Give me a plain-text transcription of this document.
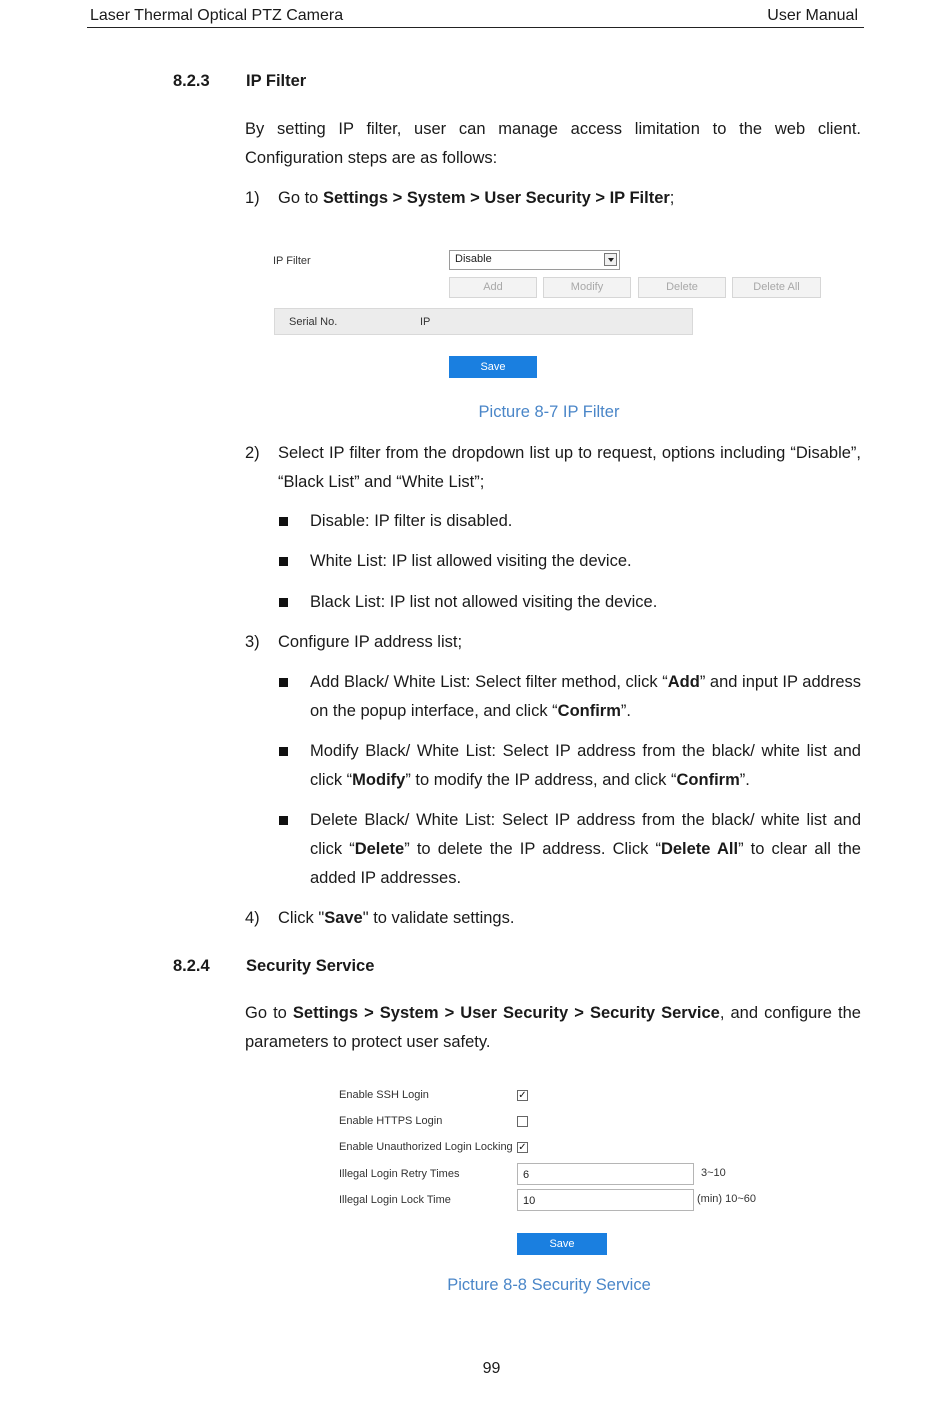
Laser Thermal Optical PTZ Camera	User Manual
8.2.3 IP Filter
By setting IP filter, user can manage access limitation to the web client. Configuration steps are as follows:
1) Go to Settings > System > User Security > IP Filter;
IP Filter	Disable
Add	Modify	Delete	Delete All
Serial No.	IP
Save
Picture 8-7 IP Filter
2) Select IP filter from the dropdown list up to request, options including “Disable”, “Black List” and “White List”;
Disable: IP filter is disabled.
White List: IP list allowed visiting the device.
Black List: IP list not allowed visiting the device.
3) Configure IP address list;
Add Black/ White List: Select filter method, click “Add” and input IP address on the popup interface, and click “Confirm”.
Modify Black/ White List: Select IP address from the black/ white list and click “Modify” to modify the IP address, and click “Confirm”.
Delete Black/ White List: Select IP address from the black/ white list and click “Delete” to delete the IP address. Click “Delete All” to clear all the added IP addresses.
4) Click "Save" to validate settings.
8.2.4 Security Service
Go to Settings > System > User Security > Security Service, and configure the parameters to protect user safety.
Enable SSH Login	✓
Enable HTTPS Login
Enable Unauthorized Login Locking ✓
Illegal Login Retry Times	6	3~10
Illegal Login Lock Time	10	(min) 10~60
Save
Picture 8-8 Security Service
99
